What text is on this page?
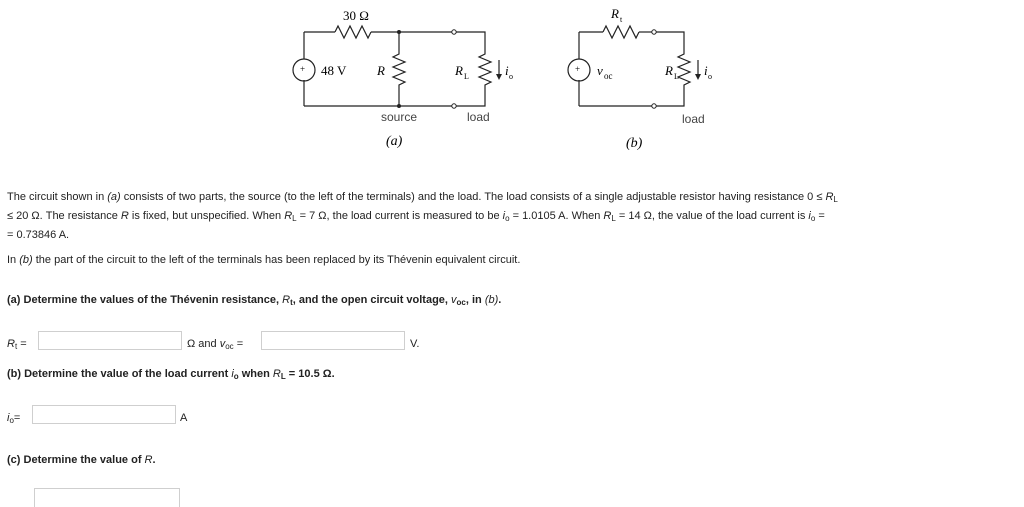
+
30 Ω
48 V R	R L	i o
source	load
(a)
+
R t
v oc	R L i o
load
(b)
The circuit shown in (a) consists of two parts, the source (to the left of the terminals) and the load. The load consists of a single adjustable resistor having resistance $0 \le R_L$
≤ 20 Ω. The resistance R is fixed, but unspecified. When $R_L = 7$ Ω, the load current is measured to be $i_o = 1.0105$ A. When $R_L = 14$ Ω, the value of the load current is $i_o$ =
= 0.73846 A.
In (b) the part of the circuit to the left of the terminals has been replaced by its Thévenin equivalent circuit.
(a) Determine the values of the Thévenin resistance, $R_t$, and the open circuit voltage, $v_{oc}$, in (b).
$R_t$ =	Ω and $v_{oc}$ =	V.
(b) Determine the value of the load current $i_o$ when $R_L = 10.5$ Ω.
$i_o=$	A
(c) Determine the value of R.
